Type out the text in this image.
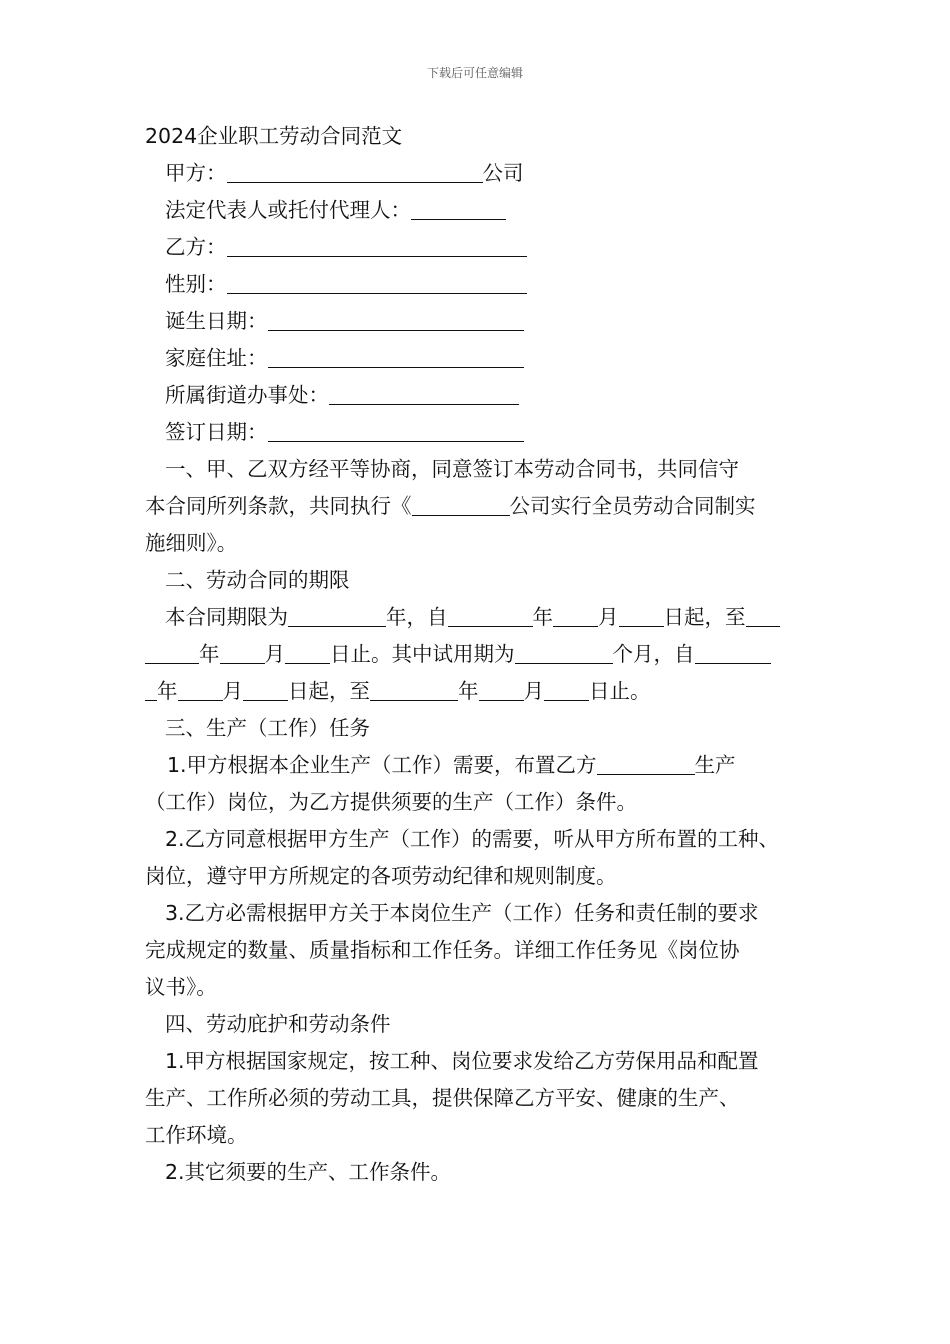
下载后可任意编辑
2024企业职工劳动合同范文
甲方：	公司
法定代表人或托付代理人：
乙方：
性别：
诞生日期：
家庭住址：
所属街道办事处：
签订日期：
一、甲、乙双方经平等协商，同意签订本劳动合同书，共同信守
本合同所列条款，共同执行《	公司实行全员劳动合同制实
施细则》。
二、劳动合同的期限
本合同期限为	年，自	年 月 日起，至
年 月 日止。其中试用期为	个月，自
年 月 日起，至	年 月 日止。
三、生产（工作）任务
1.甲方根据本企业生产（工作）需要，布置乙方	生产
（工作）岗位，为乙方提供须要的生产（工作）条件。
2.乙方同意根据甲方生产（工作）的需要，听从甲方所布置的工种、
岗位，遵守甲方所规定的各项劳动纪律和规则制度。
3.乙方必需根据甲方关于本岗位生产（工作）任务和责任制的要求
完成规定的数量、质量指标和工作任务。详细工作任务见《岗位协
议书》。
四、劳动庇护和劳动条件
1.甲方根据国家规定，按工种、岗位要求发给乙方劳保用品和配置
生产、工作所必须的劳动工具，提供保障乙方平安、健康的生产、
工作环境。
2.其它须要的生产、工作条件。
